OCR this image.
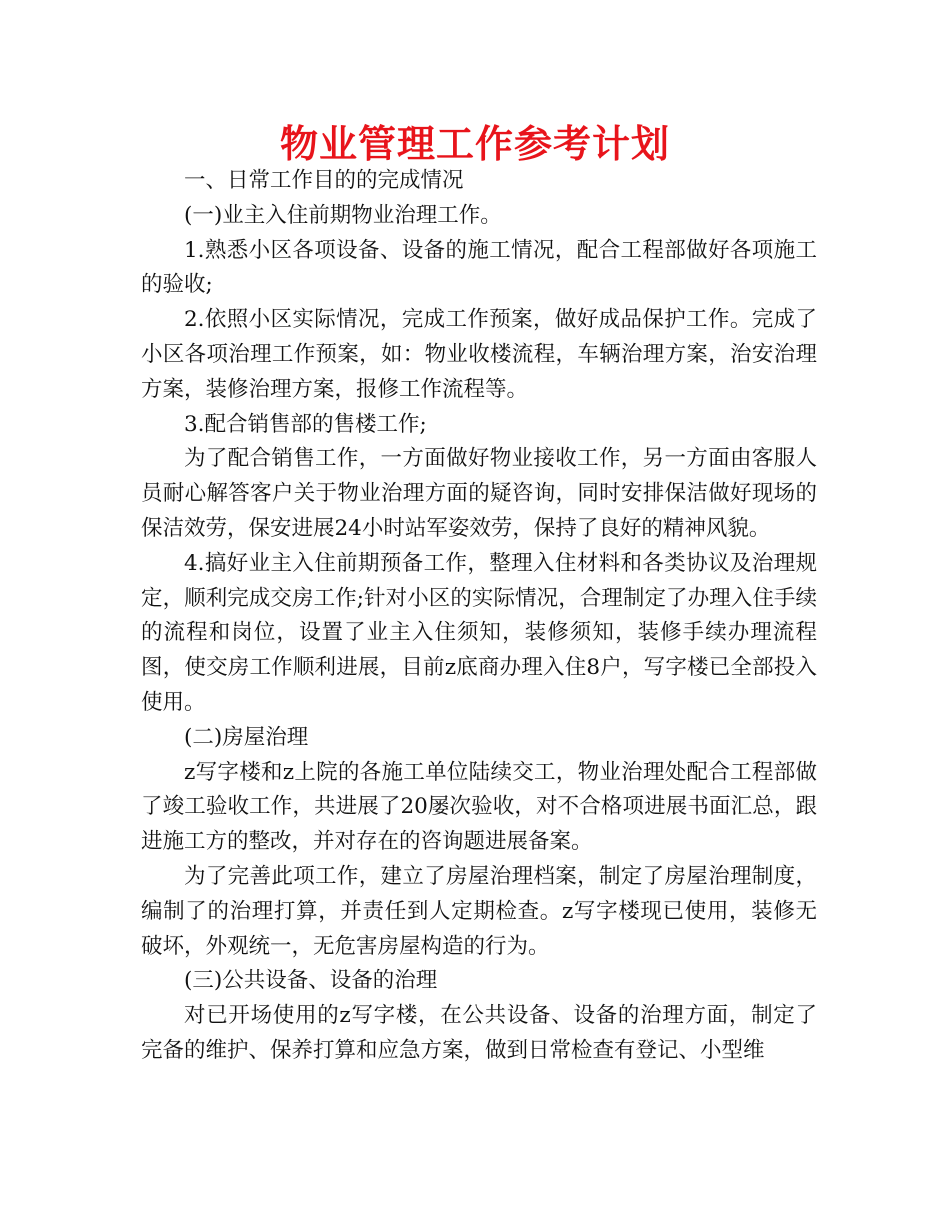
物业管理工作参考计划

一、日常工作目的的完成情况

(一)业主入住前期物业治理工作。

1.熟悉小区各项设备、设备的施工情况，配合工程部做好各项施工的验收;

2.依照小区实际情况，完成工作预案，做好成品保护工作。完成了小区各项治理工作预案，如：物业收楼流程，车辆治理方案，治安治理方案，装修治理方案，报修工作流程等。

3.配合销售部的售楼工作;

为了配合销售工作，一方面做好物业接收工作，另一方面由客服人员耐心解答客户关于物业治理方面的疑咨询，同时安排保洁做好现场的保洁效劳，保安进展24小时站军姿效劳，保持了良好的精神风貌。

4.搞好业主入住前期预备工作，整理入住材料和各类协议及治理规定，顺利完成交房工作;针对小区的实际情况，合理制定了办理入住手续的流程和岗位，设置了业主入住须知，装修须知，装修手续办理流程图，使交房工作顺利进展，目前z底商办理入住8户，写字楼已全部投入使用。

(二)房屋治理

z写字楼和z上院的各施工单位陆续交工，物业治理处配合工程部做了竣工验收工作，共进展了20屡次验收，对不合格项进展书面汇总，跟进施工方的整改，并对存在的咨询题进展备案。

为了完善此项工作，建立了房屋治理档案，制定了房屋治理制度，编制了的治理打算，并责任到人定期检查。z写字楼现已使用，装修无破坏，外观统一，无危害房屋构造的行为。

(三)公共设备、设备的治理

对已开场使用的z写字楼，在公共设备、设备的治理方面，制定了完备的维护、保养打算和应急方案，做到日常检查有登记、小型维
